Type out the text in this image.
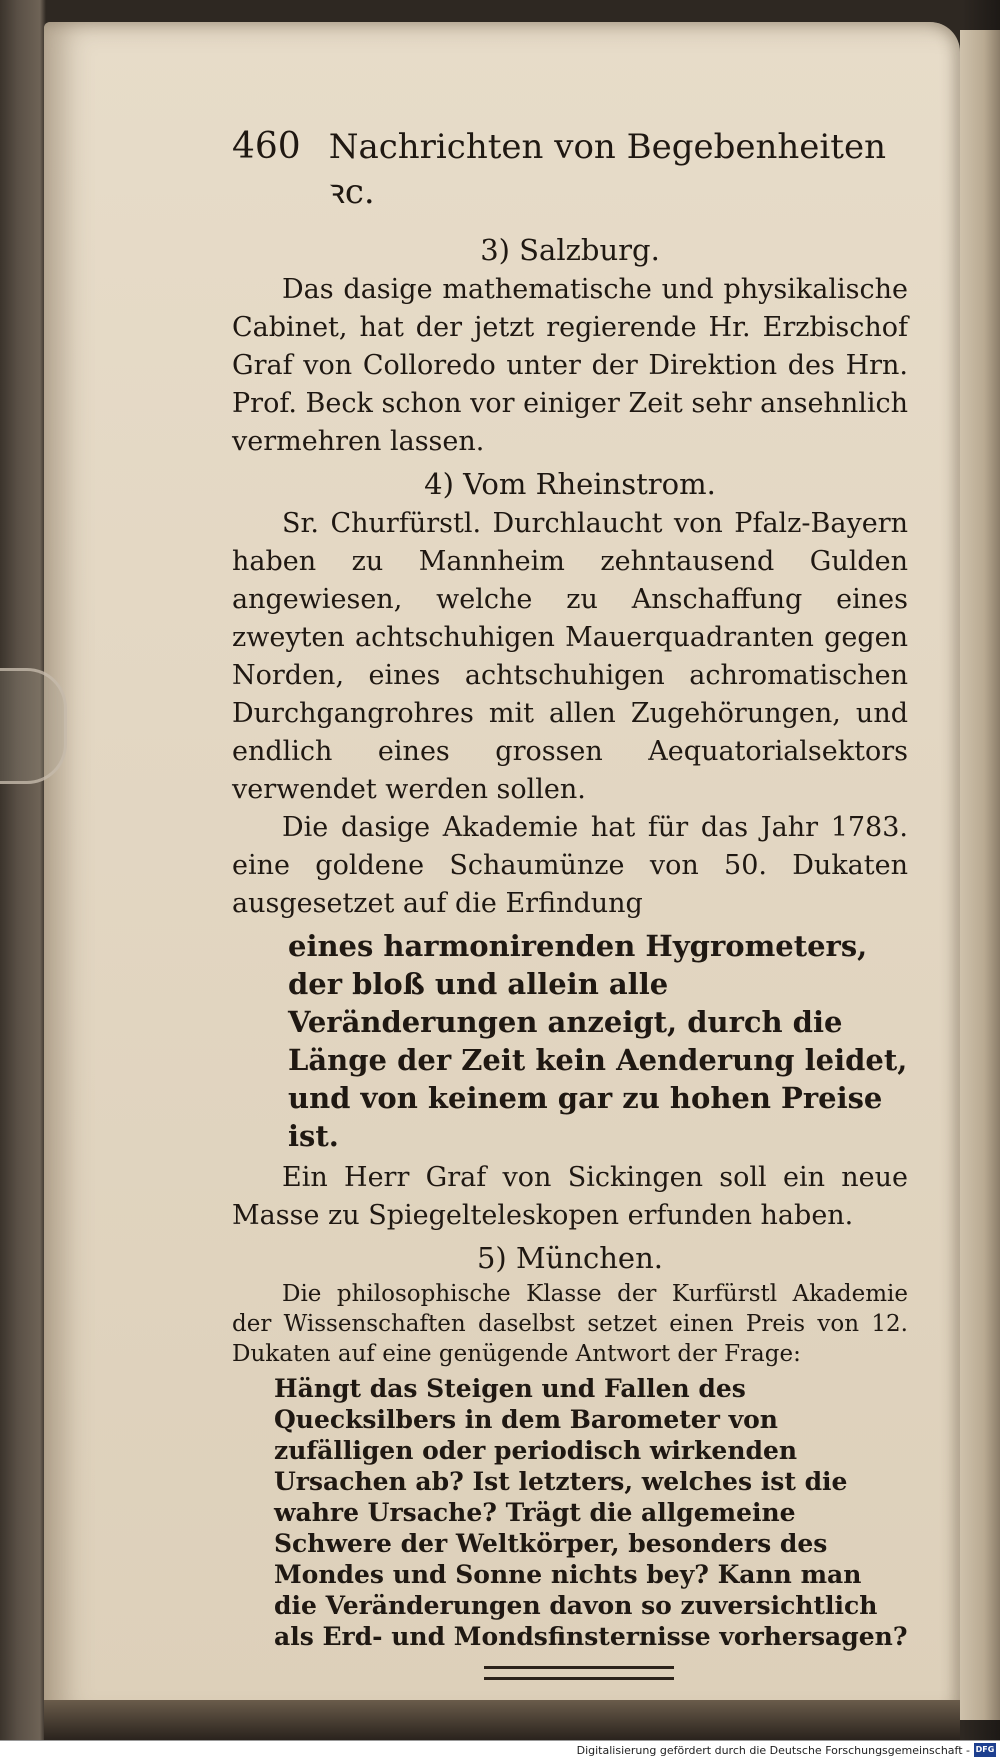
460 Nachrichten von Begebenheiten ꝛc.
3) Salzburg.

Das dasige mathematische und physikalische Cabinet, hat der jetzt regierende Hr. Erzbischof Graf von Colloredo unter der Direktion des Hrn. Prof. Beck schon vor einiger Zeit sehr ansehnlich vermehren lassen.

4) Vom Rheinstrom.

Sr. Churfürstl. Durchlaucht von Pfalz-Bayern haben zu Mannheim zehntausend Gulden angewiesen, welche zu Anschaffung eines zweyten achtschuhigen Mauerquadranten gegen Norden, eines achtschuhigen achromatischen Durchgangrohres mit allen Zugehörungen, und endlich eines grossen Aequatorialsektors verwendet werden sollen.

Die dasige Akademie hat für das Jahr 1783. eine goldene Schaumünze von 50. Dukaten ausgesetzet auf die Erfindung

eines harmonirenden Hygrometers, der bloß und allein alle Veränderungen anzeigt, durch die Länge der Zeit kein Aenderung leidet, und von keinem gar zu hohen Preise ist.

Ein Herr Graf von Sickingen soll ein neue Masse zu Spiegelteleskopen erfunden haben.

5) München.

Die philosophische Klasse der Kurfürstl Akademie der Wissenschaften daselbst setzet einen Preis von 12. Dukaten auf eine genügende Antwort der Frage:

Hängt das Steigen und Fallen des Quecksilbers in dem Barometer von zufälligen oder periodisch wirkenden Ursachen ab? Ist letzters, welches ist die wahre Ursache? Trägt die allgemeine Schwere der Weltkörper, besonders des Mondes und Sonne nichts bey? Kann man die Veränderungen davon so zuversichtlich als Erd- und Mondsfinsternisse vorhersagen?

Digitalisierung gefördert durch die Deutsche Forschungsgemeinschaft - DFG
